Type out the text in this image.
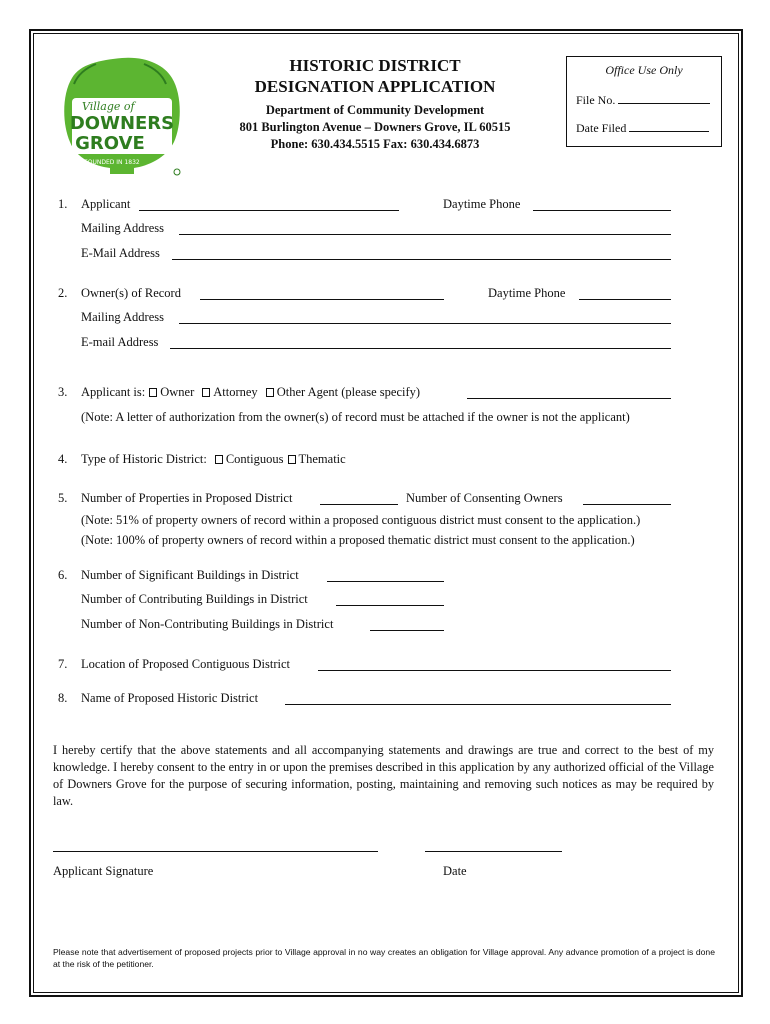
Village of
DOWNERS
GROVE
FOUNDED IN 1832
HISTORIC DISTRICT
DESIGNATION APPLICATION
Department of Community Development
801 Burlington Avenue – Downers Grove, IL 60515
Phone: 630.434.5515 Fax: 630.434.6873
Office Use Only
File No.
Date Filed
1. Applicant	Daytime Phone
Mailing Address
E-Mail Address
2. Owner(s) of Record	Daytime Phone
Mailing Address
E-mail Address
3. Applicant is: Owner Attorney Other Agent (please specify)
(Note: A letter of authorization from the owner(s) of record must be attached if the owner is not the applicant)
4. Type of Historic District: Contiguous Thematic
5. Number of Properties in Proposed District	Number of Consenting Owners
(Note: 51% of property owners of record within a proposed contiguous district must consent to the application.)
(Note: 100% of property owners of record within a proposed thematic district must consent to the application.)
6. Number of Significant Buildings in District
Number of Contributing Buildings in District
Number of Non-Contributing Buildings in District
7. Location of Proposed Contiguous District
8. Name of Proposed Historic District
I hereby certify that the above statements and all accompanying statements and drawings are true and correct to the best of my knowledge. I hereby consent to the entry in or upon the premises described in this application by any authorized official of the Village of Downers Grove for the purpose of securing information, posting, maintaining and removing such notices as may be required by law.
Applicant Signature	Date
Please note that advertisement of proposed projects prior to Village approval in no way creates an obligation for Village approval. Any advance promotion of a project is done at the risk of the petitioner.
